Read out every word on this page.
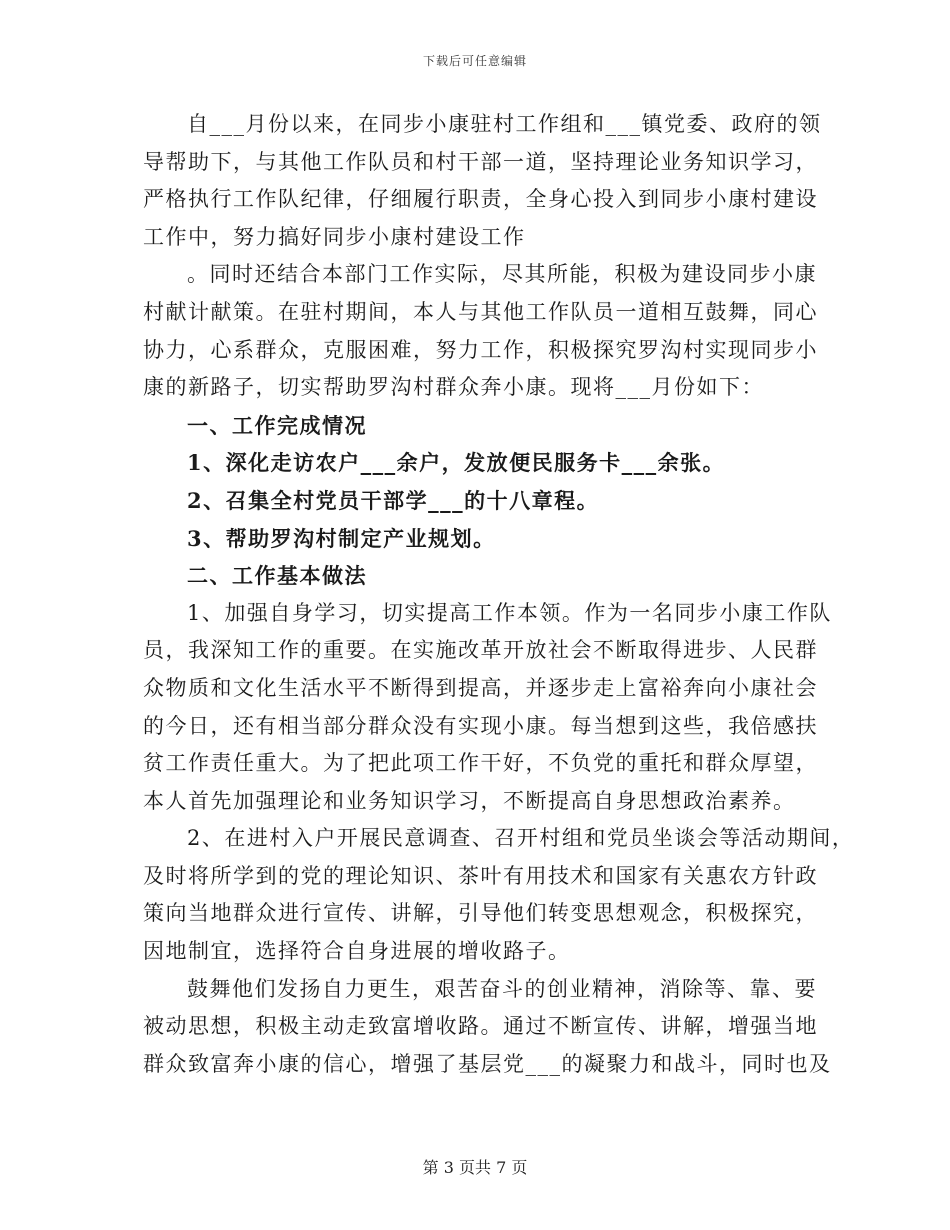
下载后可任意编辑
自___月份以来，在同步小康驻村工作组和___镇党委、政府的领
导帮助下，与其他工作队员和村干部一道，坚持理论业务知识学习，
严格执行工作队纪律，仔细履行职责，全身心投入到同步小康村建设
工作中，努力搞好同步小康村建设工作
。同时还结合本部门工作实际，尽其所能，积极为建设同步小康
村献计献策。在驻村期间，本人与其他工作队员一道相互鼓舞，同心
协力，心系群众，克服困难，努力工作，积极探究罗沟村实现同步小
康的新路子，切实帮助罗沟村群众奔小康。现将___月份如下：
一、工作完成情况
1、深化走访农户___余户，发放便民服务卡___余张。
2、召集全村党员干部学___的十八章程。
3、帮助罗沟村制定产业规划。
二、工作基本做法
1、加强自身学习，切实提高工作本领。作为一名同步小康工作队
员，我深知工作的重要。在实施改革开放社会不断取得进步、人民群
众物质和文化生活水平不断得到提高，并逐步走上富裕奔向小康社会
的今日，还有相当部分群众没有实现小康。每当想到这些，我倍感扶
贫工作责任重大。为了把此项工作干好，不负党的重托和群众厚望，
本人首先加强理论和业务知识学习，不断提高自身思想政治素养。
2、在进村入户开展民意调查、召开村组和党员坐谈会等活动期间，
及时将所学到的党的理论知识、茶叶有用技术和国家有关惠农方针政
策向当地群众进行宣传、讲解，引导他们转变思想观念，积极探究，
因地制宜，选择符合自身进展的增收路子。
鼓舞他们发扬自力更生，艰苦奋斗的创业精神，消除等、靠、要
被动思想，积极主动走致富增收路。通过不断宣传、讲解，增强当地
群众致富奔小康的信心，增强了基层党___的凝聚力和战斗，同时也及
第 3 页共 7 页
